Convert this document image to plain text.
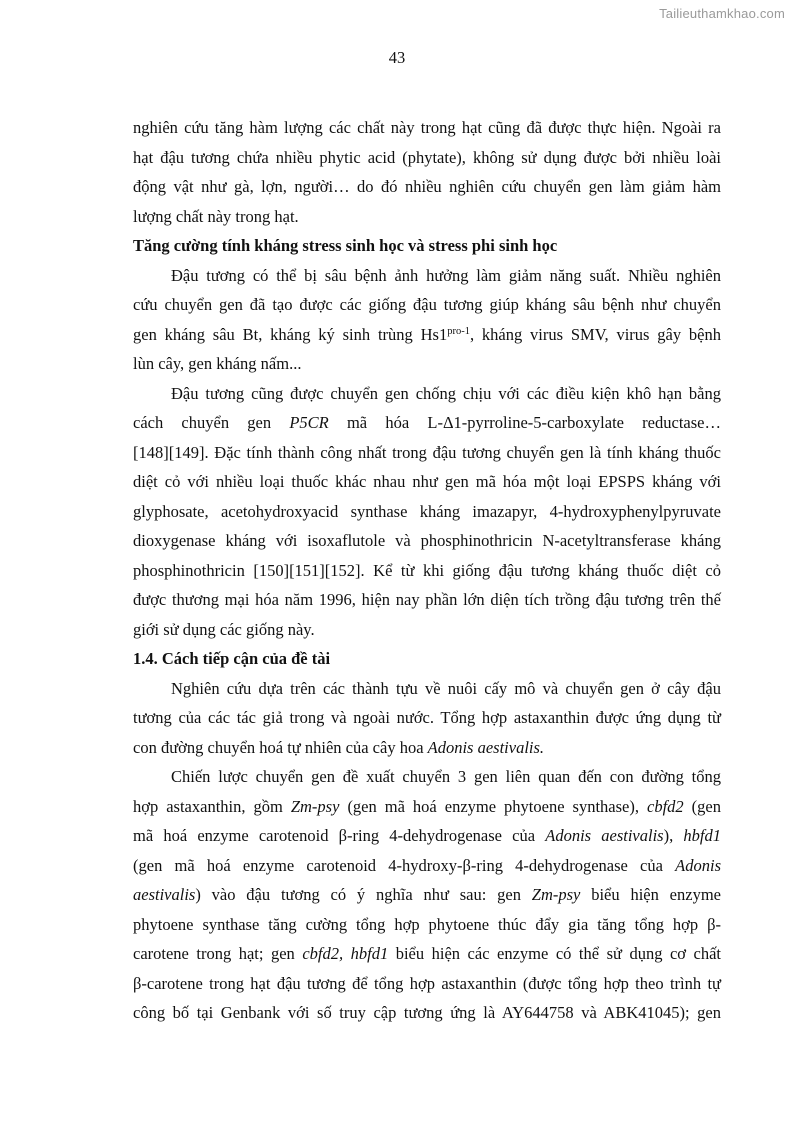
Tailieuthamkhao.com
43
nghiên cứu tăng hàm lượng các chất này trong hạt cũng đã được thực hiện. Ngoài ra
hạt đậu tương chứa nhiều phytic acid (phytate), không sử dụng được bởi nhiều loài
động vật như gà, lợn, người… do đó nhiều nghiên cứu chuyển gen làm giảm hàm
lượng chất này trong hạt.
Tăng cường tính kháng stress sinh học và stress phi sinh học
Đậu tương có thể bị sâu bệnh ảnh hưởng làm giảm năng suất. Nhiều nghiên
cứu chuyển gen đã tạo được các giống đậu tương giúp kháng sâu bệnh như chuyển
gen kháng sâu Bt, kháng ký sinh trùng $Hs1^{pro-1}$, kháng virus SMV, virus gây bệnh
lùn cây, gen kháng nấm...
Đậu tương cũng được chuyển gen chống chịu với các điều kiện khô hạn bằng
cách chuyển gen P5CR mã hóa L-Δ1-pyrroline-5-carboxylate reductase…
[148][149]. Đặc tính thành công nhất trong đậu tương chuyển gen là tính kháng thuốc
diệt cỏ với nhiều loại thuốc khác nhau như gen mã hóa một loại EPSPS kháng với
glyphosate, acetohydroxyacid synthase kháng imazapyr, 4-hydroxyphenylpyruvate
dioxygenase kháng với isoxaflutole và phosphinothricin N-acetyltransferase kháng
phosphinothricin [150][151][152]. Kể từ khi giống đậu tương kháng thuốc diệt cỏ
được thương mại hóa năm 1996, hiện nay phần lớn diện tích trồng đậu tương trên thế
giới sử dụng các giống này.
1.4. Cách tiếp cận của đề tài
Nghiên cứu dựa trên các thành tựu về nuôi cấy mô và chuyển gen ở cây đậu
tương của các tác giả trong và ngoài nước. Tổng hợp astaxanthin được ứng dụng từ
con đường chuyển hoá tự nhiên của cây hoa Adonis aestivalis.
Chiến lược chuyển gen đề xuất chuyển 3 gen liên quan đến con đường tổng
hợp astaxanthin, gồm Zm-psy (gen mã hoá enzyme phytoene synthase), cbfd2 (gen
mã hoá enzyme carotenoid β-ring 4-dehydrogenase của Adonis aestivalis), hbfd1
(gen mã hoá enzyme carotenoid 4-hydroxy-β-ring 4-dehydrogenase của Adonis
aestivalis) vào đậu tương có ý nghĩa như sau: gen Zm-psy biểu hiện enzyme
phytoene synthase tăng cường tổng hợp phytoene thúc đẩy gia tăng tổng hợp β-
carotene trong hạt; gen cbfd2, hbfd1 biểu hiện các enzyme có thể sử dụng cơ chất
β-carotene trong hạt đậu tương để tổng hợp astaxanthin (được tổng hợp theo trình tự
công bố tại Genbank với số truy cập tương ứng là AY644758 và ABK41045); gen
